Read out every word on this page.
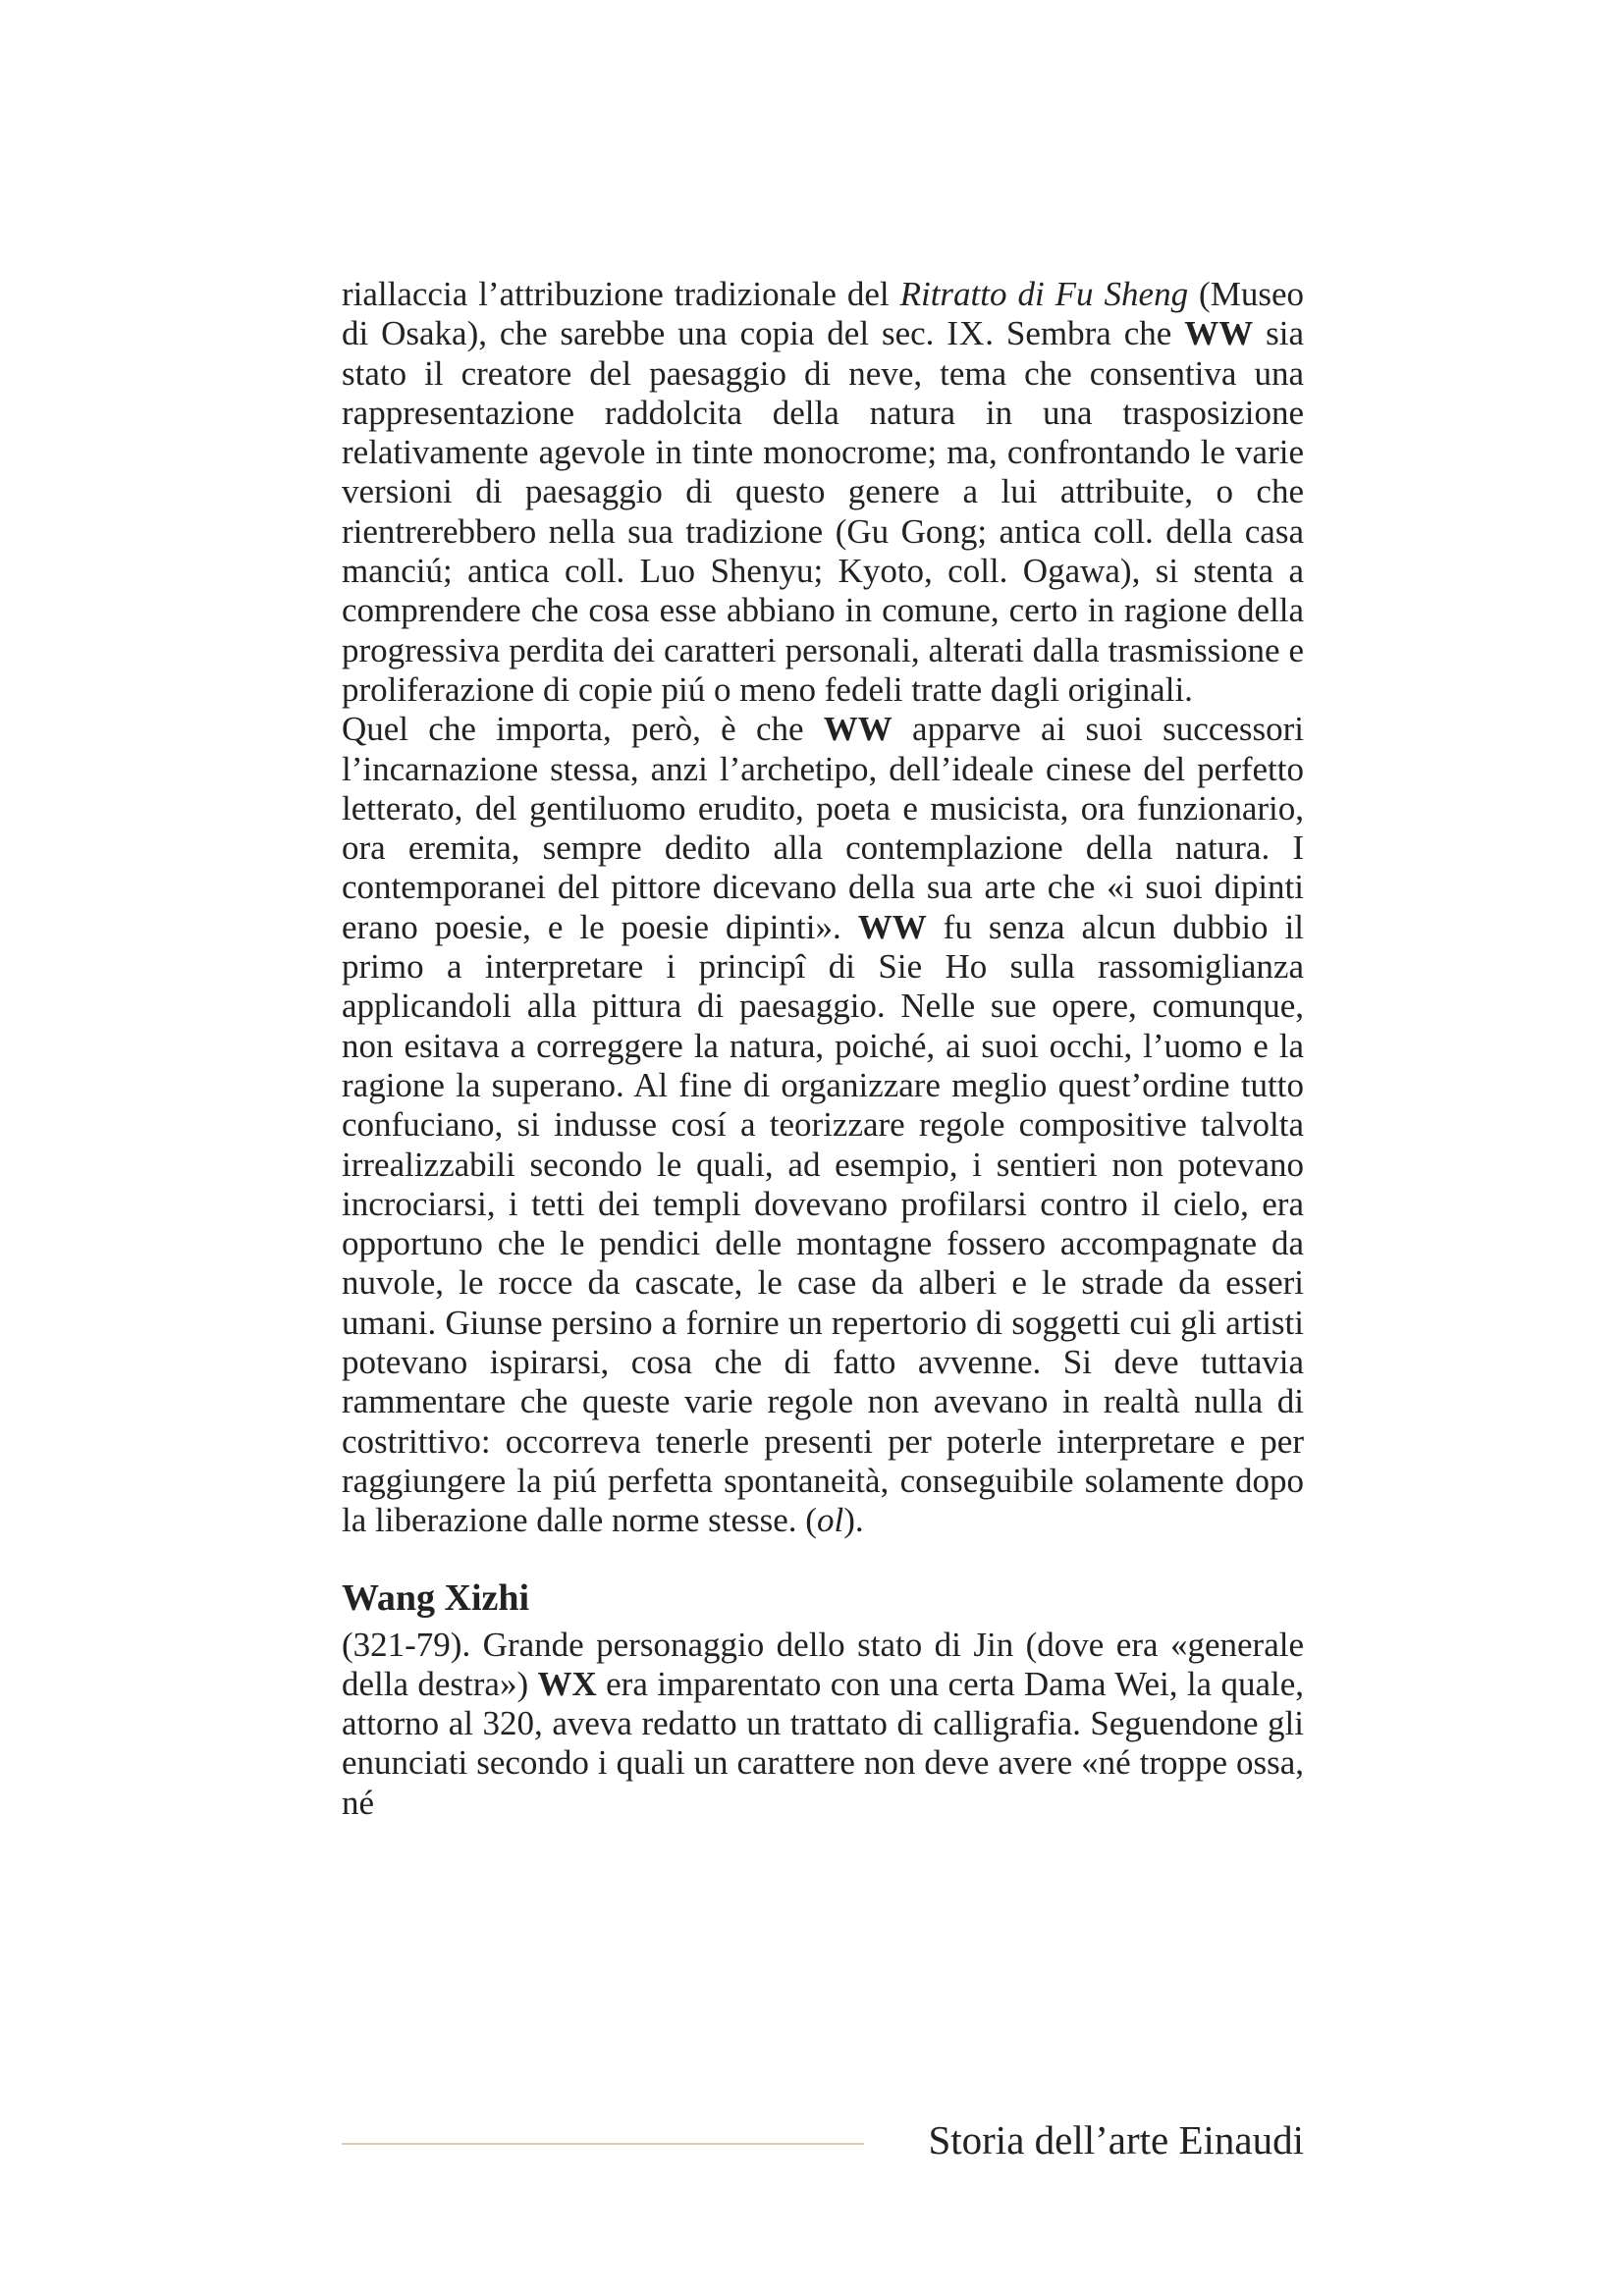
riallaccia l’attribuzione tradizionale del Ritratto di Fu Sheng (Museo di Osaka), che sarebbe una copia del sec. IX. Sembra che WW sia stato il creatore del paesaggio di neve, tema che consentiva una rappresentazione raddolcita della natura in una trasposizione relativamente agevole in tinte monocrome; ma, confrontando le varie versioni di paesaggio di questo genere a lui attribuite, o che rientrerebbero nella sua tradizione (Gu Gong; antica coll. della casa manciú; antica coll. Luo Shenyu; Kyoto, coll. Ogawa), si stenta a comprendere che cosa esse abbiano in comune, certo in ragione della progressiva perdita dei caratteri personali, alterati dalla trasmissione e proliferazione di copie piú o meno fedeli tratte dagli originali.

Quel che importa, però, è che WW apparve ai suoi successori l’incarnazione stessa, anzi l’archetipo, dell’ideale cinese del perfetto letterato, del gentiluomo erudito, poeta e musicista, ora funzionario, ora eremita, sempre dedito alla contemplazione della natura. I contemporanei del pittore dicevano della sua arte che «i suoi dipinti erano poesie, e le poesie dipinti». WW fu senza alcun dubbio il primo a interpretare i principî di Sie Ho sulla rassomiglianza applicandoli alla pittura di paesaggio. Nelle sue opere, comunque, non esitava a correggere la natura, poiché, ai suoi occhi, l’uomo e la ragione la superano. Al fine di organizzare meglio quest’ordine tutto confuciano, si indusse cosí a teorizzare regole compositive talvolta irrealizzabili secondo le quali, ad esempio, i sentieri non potevano incrociarsi, i tetti dei templi dovevano profilarsi contro il cielo, era opportuno che le pendici delle montagne fossero accompagnate da nuvole, le rocce da cascate, le case da alberi e le strade da esseri umani. Giunse persino a fornire un repertorio di soggetti cui gli artisti potevano ispirarsi, cosa che di fatto avvenne. Si deve tuttavia rammentare che queste varie regole non avevano in realtà nulla di costrittivo: occorreva tenerle presenti per poterle interpretare e per raggiungere la piú perfetta spontaneità, conseguibile solamente dopo la liberazione dalle norme stesse. (ol).

Wang Xizhi

(321-79). Grande personaggio dello stato di Jin (dove era «generale della destra») WX era imparentato con una certa Dama Wei, la quale, attorno al 320, aveva redatto un trattato di calligrafia. Seguendone gli enunciati secondo i quali un carattere non deve avere «né troppe ossa, né

Storia dell’arte Einaudi
